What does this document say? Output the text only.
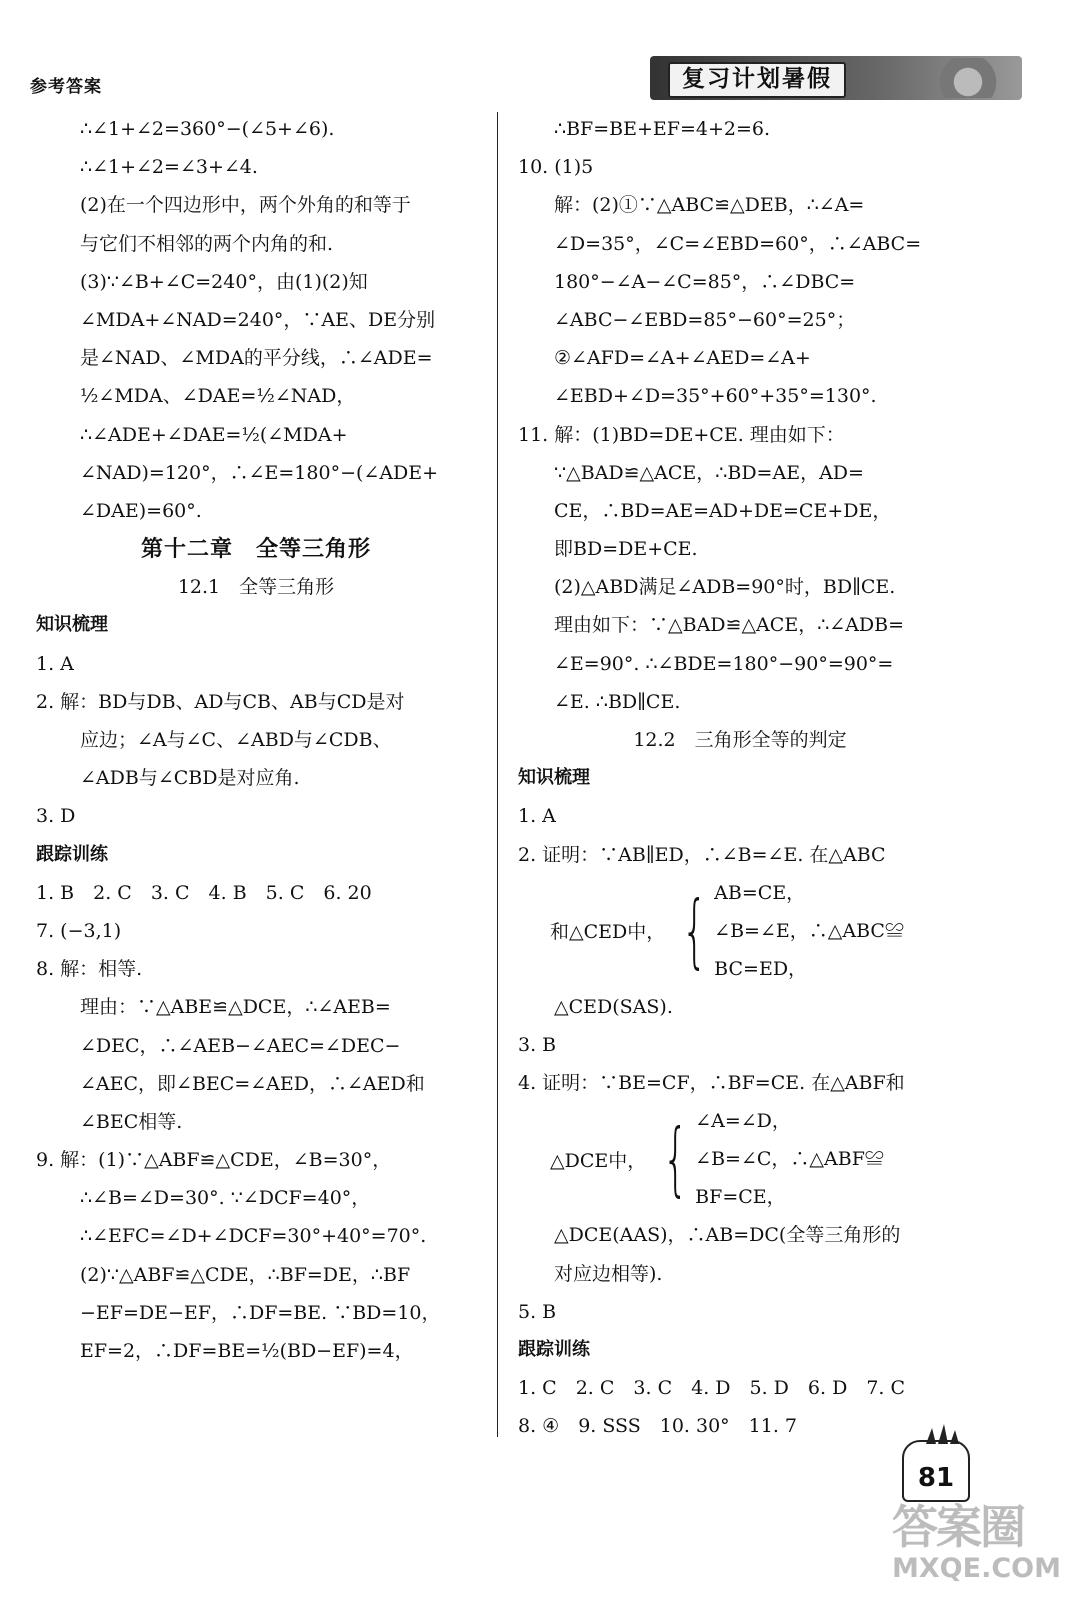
参考答案	复习计划暑假
∴∠1+∠2=360°−(∠5+∠6).
∴∠1+∠2=∠3+∠4.
(2)在一个四边形中，两个外角的和等于
与它们不相邻的两个内角的和.
(3)∵∠B+∠C=240°，由(1)(2)知
∠MDA+∠NAD=240°，∵AE、DE分别
是∠NAD、∠MDA的平分线，∴∠ADE=
½∠MDA、∠DAE=½∠NAD，
∴∠ADE+∠DAE=½(∠MDA+
∠NAD)=120°，∴∠E=180°−(∠ADE+
∠DAE)=60°.
第十二章　全等三角形
12.1　全等三角形
知识梳理
1. A
2. 解：BD与DB、AD与CB、AB与CD是对
应边；∠A与∠C、∠ABD与∠CDB、
∠ADB与∠CBD是对应角.
3. D
跟踪训练
1. B　2. C　3. C　4. B　5. C　6. 20
7. (−3,1)
8. 解：相等.
理由：∵△ABE≌△DCE，∴∠AEB=
∠DEC，∴∠AEB−∠AEC=∠DEC−
∠AEC，即∠BEC=∠AED，∴∠AED和
∠BEC相等.
9. 解：(1)∵△ABF≌△CDE，∠B=30°，
∴∠B=∠D=30°. ∵∠DCF=40°，
∴∠EFC=∠D+∠DCF=30°+40°=70°.
(2)∵△ABF≌△CDE，∴BF=DE，∴BF
−EF=DE−EF，∴DF=BE. ∵BD=10，
EF=2，∴DF=BE=½(BD−EF)=4，
∴BF=BE+EF=4+2=6.
10. (1)5
解：(2)①∵△ABC≌△DEB，∴∠A=
∠D=35°，∠C=∠EBD=60°，∴∠ABC=
180°−∠A−∠C=85°，∴∠DBC=
∠ABC−∠EBD=85°−60°=25°；
②∠AFD=∠A+∠AED=∠A+
∠EBD+∠D=35°+60°+35°=130°.
11. 解：(1)BD=DE+CE. 理由如下：
∵△BAD≌△ACE，∴BD=AE，AD=
CE，∴BD=AE=AD+DE=CE+DE，
即BD=DE+CE.
(2)△ABD满足∠ADB=90°时，BD∥CE.
理由如下：∵△BAD≌△ACE，∴∠ADB=
∠E=90°. ∴∠BDE=180°−90°=90°=
∠E. ∴BD∥CE.
12.2　三角形全等的判定
知识梳理
1. A
2. 证明：∵AB∥ED，∴∠B=∠E. 在△ABC
和△CED中， { AB=CE，
∠B=∠E，∴△ABC≌
BC=ED，
△CED(SAS).
3. B
4. 证明：∵BE=CF，∴BF=CE. 在△ABF和
△DCE中， { ∠A=∠D，
∠B=∠C，∴△ABF≌
BF=CE，
△DCE(AAS)，∴AB=DC(全等三角形的
对应边相等).
5. B
跟踪训练
1. C　2. C　3. C　4. D　5. D　6. D　7. C
8. ④　9. SSS　10. 30°　11. 7
81
答案圈
MXQE.COM
